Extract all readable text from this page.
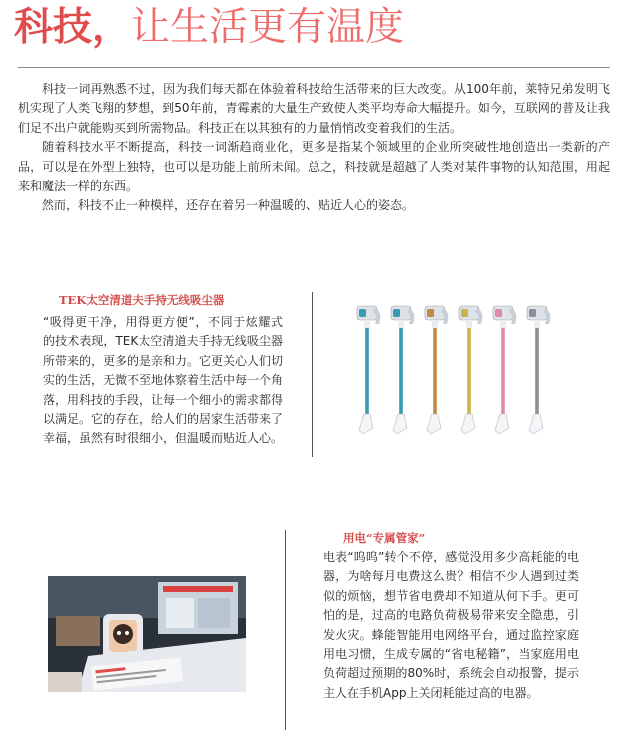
科技，让生活更有温度

科技一词再熟悉不过，因为我们每天都在体验着科技给生活带来的巨大改变。从100年前，莱特兄弟发明飞机实现了人类飞翔的梦想，到50年前，青霉素的大量生产致使人类平均寿命大幅提升。如今，互联网的普及让我们足不出户就能购买到所需物品。科技正在以其独有的力量悄悄改变着我们的生活。

随着科技水平不断提高，科技一词渐趋商业化，更多是指某个领域里的企业所突破性地创造出一类新的产品，可以是在外型上独特，也可以是功能上前所未闻。总之，科技就是超越了人类对某件事物的认知范围，用起来和魔法一样的东西。

然而，科技不止一种模样，还存在着另一种温暖的、贴近人心的姿态。

TEK太空清道夫手持无线吸尘器

“吸得更干净，用得更方便”，不同于炫耀式的技术表现，TEK太空清道夫手持无线吸尘器所带来的，更多的是亲和力。它更关心人们切实的生活，无微不至地体察着生活中每一个角落，用科技的手段，让每一个细小的需求都得以满足。它的存在，给人们的居家生活带来了幸福，虽然有时很细小，但温暖而贴近人心。

用电“专属管家”

电表“呜呜”转个不停，感觉没用多少高耗能的电器，为啥每月电费这么贵？相信不少人遇到过类似的烦恼，想节省电费却不知道从何下手。更可怕的是，过高的电路负荷极易带来安全隐患，引发火灾。蜂能智能用电网络平台，通过监控家庭用电习惯，生成专属的“省电秘籍”，当家庭用电负荷超过预期的80%时，系统会自动报警，提示主人在手机App上关闭耗能过高的电器。
